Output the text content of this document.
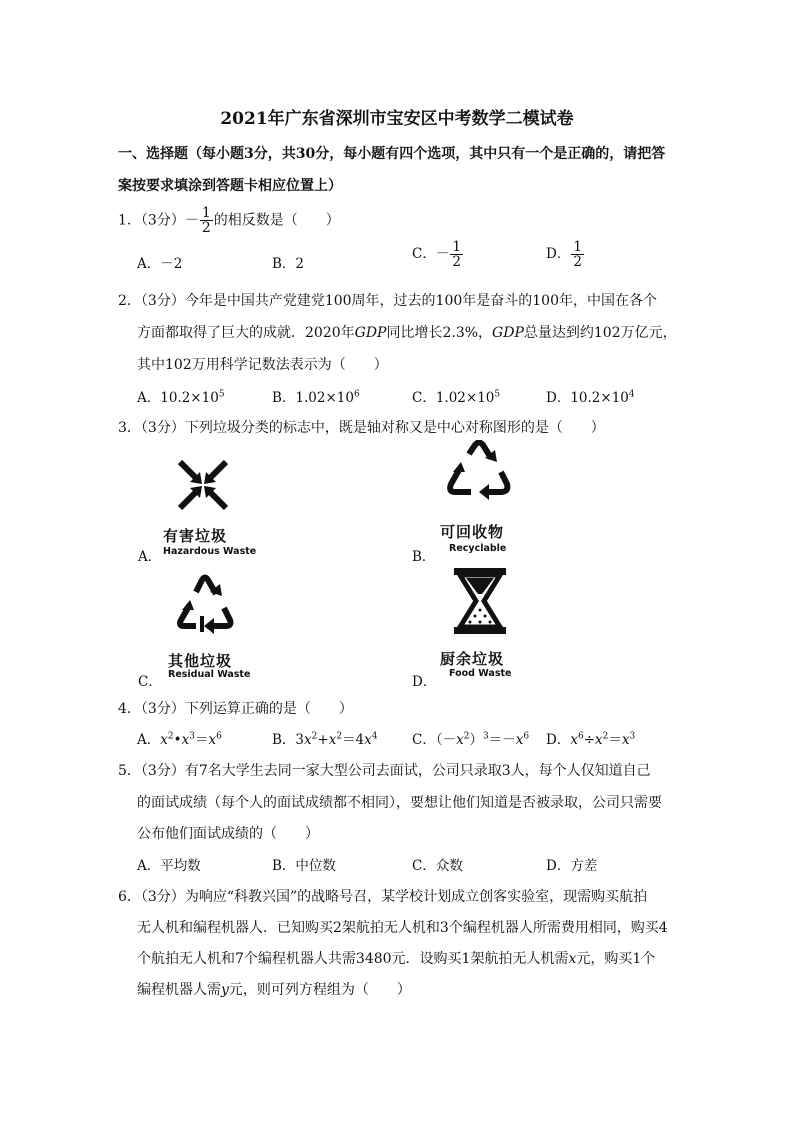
2021年广东省深圳市宝安区中考数学二模试卷
一、选择题（每小题3分，共30分，每小题有四个选项，其中只有一个是正确的，请把答
案按要求填涂到答题卡相应位置上）
1．（3分）－ $\frac{1}{2}$ 的相反数是（　　）
A．－2	B．2
C．－ $\frac{1}{2}$	D． $\frac{1}{2}$
2．（3分）今年是中国共产党建党100周年，过去的100年是奋斗的100年，中国在各个
方面都取得了巨大的成就．2020年GDP同比增长2.3%，GDP总量达到约102万亿元，
其中102万用科学记数法表示为（　　）
A．$10.2\times 10^5$	B．$1.02\times 10^6$	C．$1.02\times 10^5$	D．$10.2\times 10^4$
3．（3分）下列垃圾分类的标志中，既是轴对称又是中心对称图形的是（　　）
有害垃圾
A． Hazardous Waste
可回收物
B．
Recyclable
其他垃圾
C． Residual Waste
厨余垃圾
D．
Food Waste
4．（3分）下列运算正确的是（　　）
A．$x^2•x^3=x^6$	B．$3x^2+x^2=4x^4$	C．$(-x^2)^3=-x^6$ D．$x^6\div x^2=x^3$
5．（3分）有7名大学生去同一家大型公司去面试，公司只录取3人，每个人仅知道自己
的面试成绩（每个人的面试成绩都不相同），要想让他们知道是否被录取，公司只需要
公布他们面试成绩的（　　）
A．平均数	B．中位数	C．众数	D．方差
6．（3分）为响应“科教兴国”的战略号召，某学校计划成立创客实验室，现需购买航拍
无人机和编程机器人．已知购买2架航拍无人机和3个编程机器人所需费用相同，购买4
个航拍无人机和7个编程机器人共需3480元．设购买1架航拍无人机需x元，购买1个
编程机器人需y元，则可列方程组为（　　）
